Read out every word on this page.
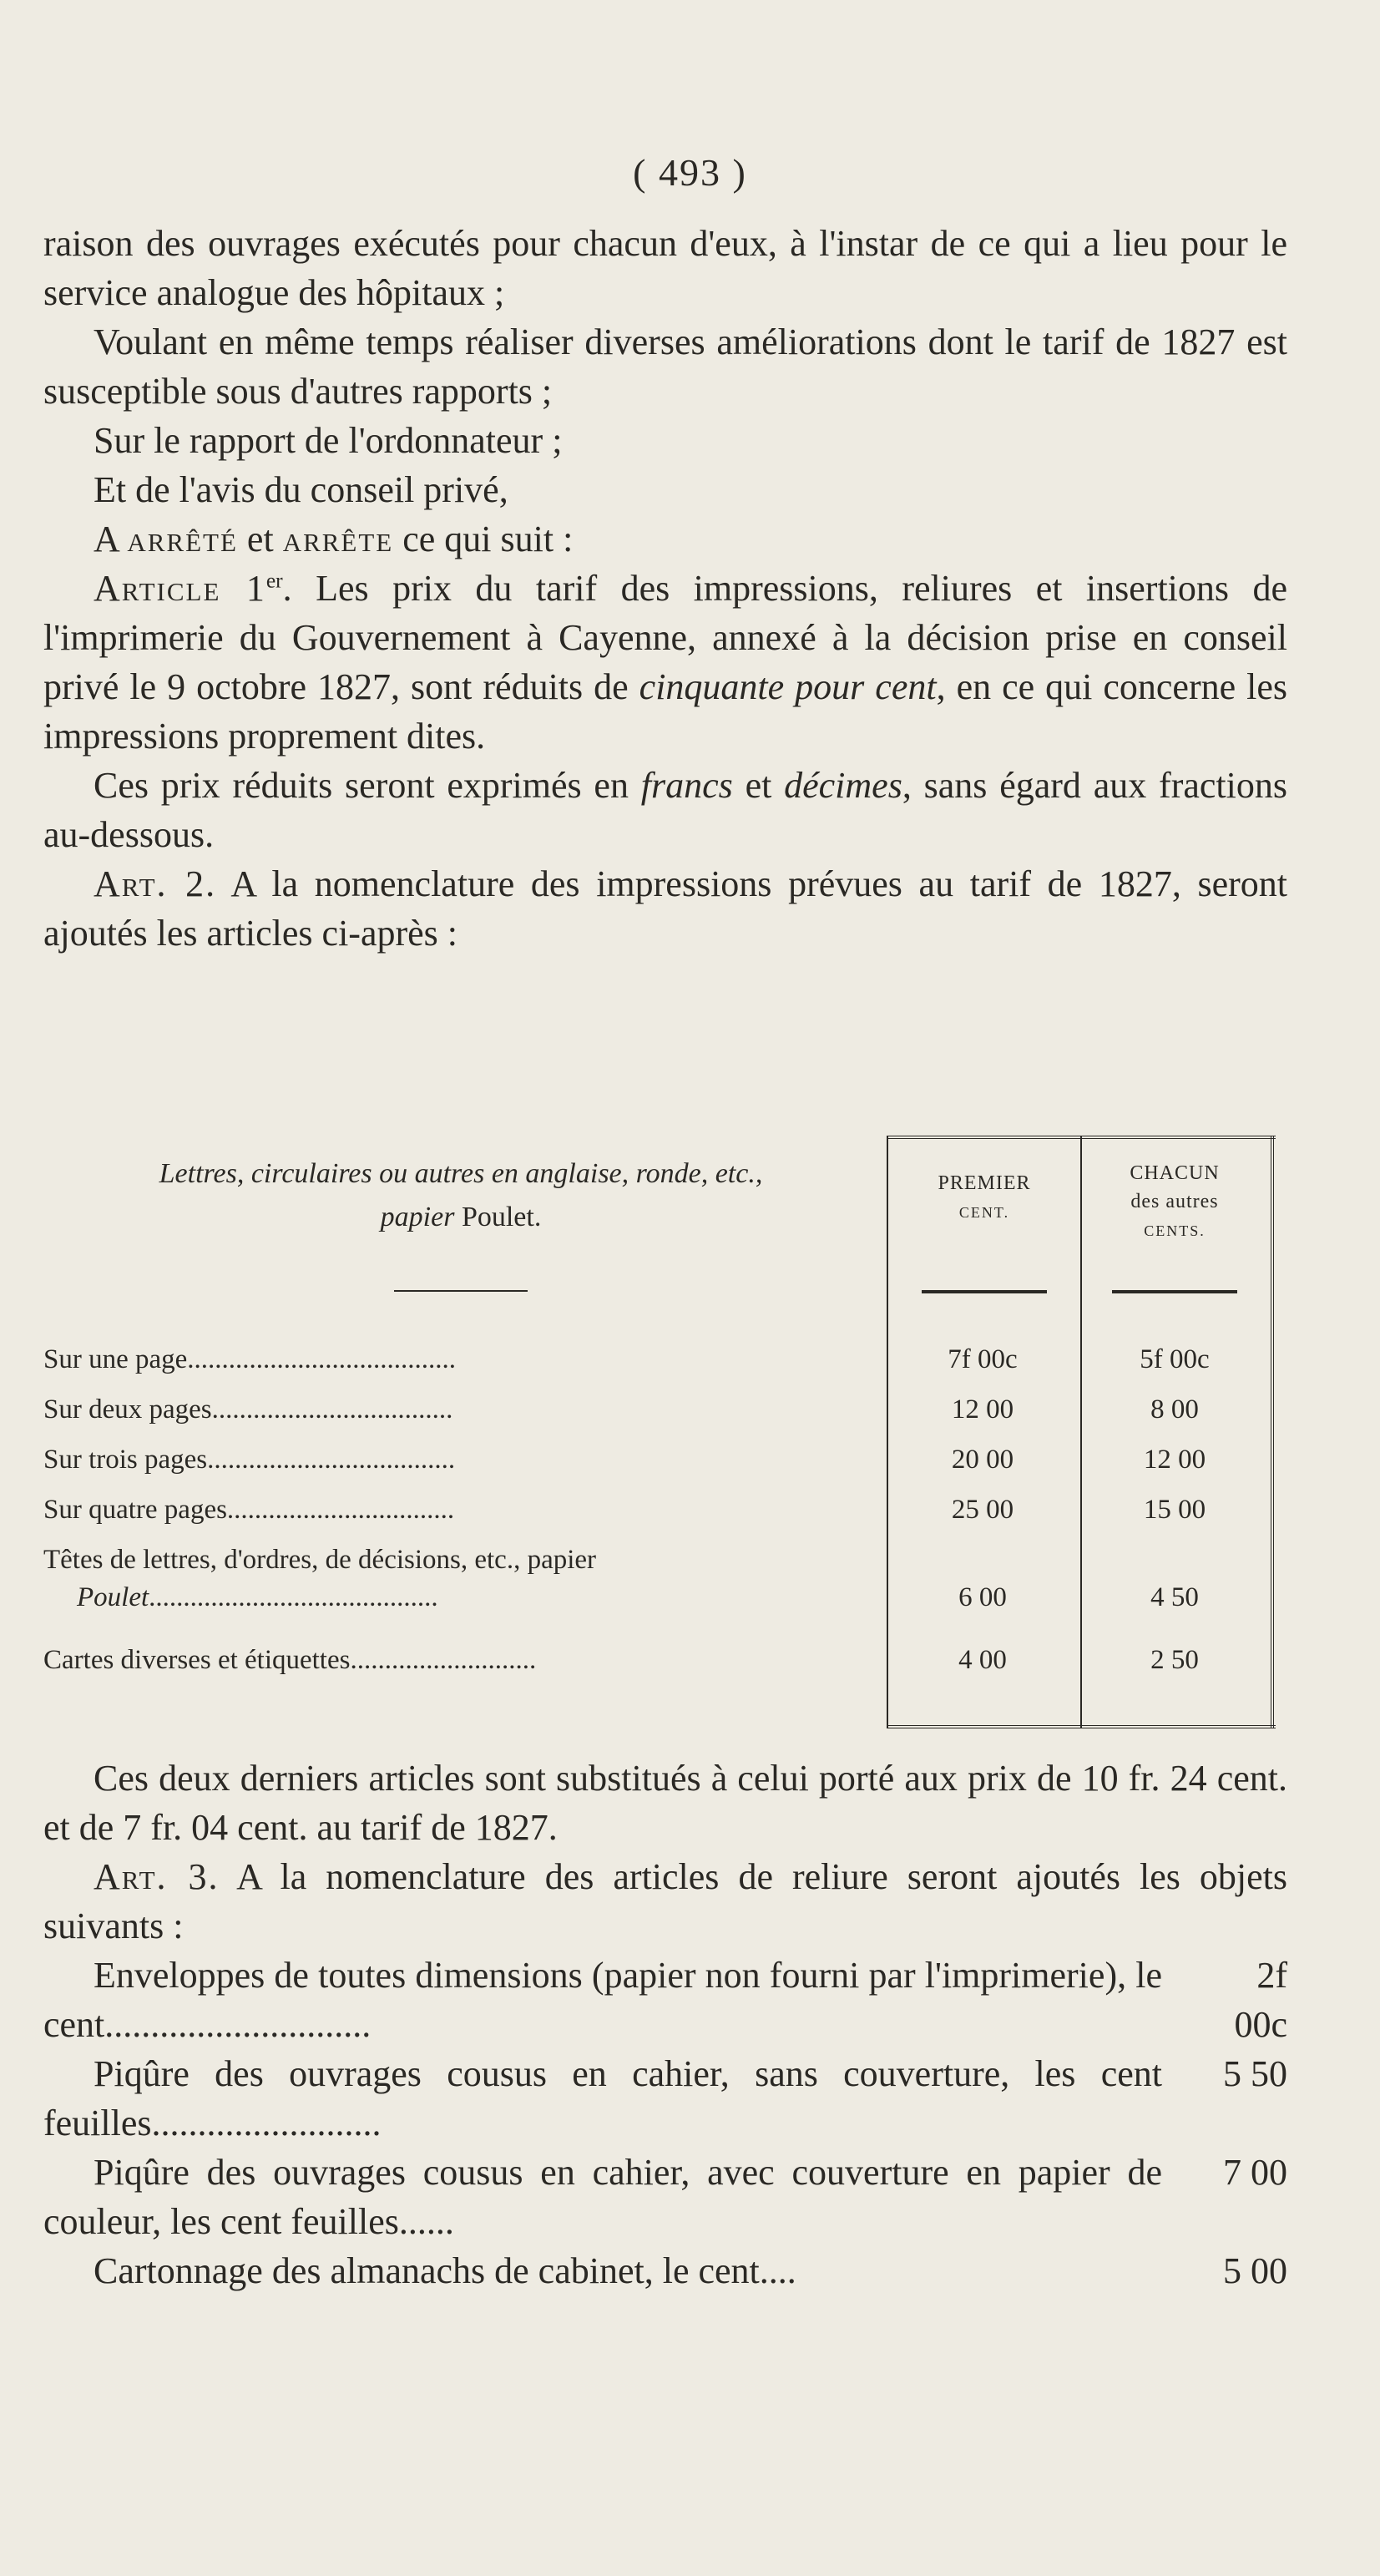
( 493 )

raison des ouvrages exécutés pour chacun d'eux, à l'instar de ce qui a lieu pour le service analogue des hôpitaux ;

Voulant en même temps réaliser diverses améliorations dont le tarif de 1827 est susceptible sous d'autres rapports ;

Sur le rapport de l'ordonnateur ;

Et de l'avis du conseil privé,

A arrêté et arrête ce qui suit :

Article 1er. Les prix du tarif des impressions, reliures et insertions de l'imprimerie du Gouvernement à Cayenne, annexé à la décision prise en conseil privé le 9 octobre 1827, sont réduits de cinquante pour cent, en ce qui concerne les impressions proprement dites.

Ces prix réduits seront exprimés en francs et décimes, sans égard aux fractions au-dessous.

Art. 2. A la nomenclature des impressions prévues au tarif de 1827, seront ajoutés les articles ci-après :

Lettres, circulaires ou autres en anglaise, ronde, etc.,
papier Poulet.
PREMIER
CENT.
CHACUN
des autres
CENTS.
Sur une page.......................................	7f 00c	5f 00c
Sur deux pages...................................	12 00	8 00
Sur trois pages....................................	20 00	12 00
Sur quatre pages.................................	25 00	15 00
Têtes de lettres, d'ordres, de décisions, etc., papier Poulet..........................................	6 00	4 50
Cartes diverses et étiquettes...........................	4 00	2 50

Ces deux derniers articles sont substitués à celui porté aux prix de 10 fr. 24 cent. et de 7 fr. 04 cent. au tarif de 1827.

Art. 3. A la nomenclature des articles de reliure seront ajoutés les objets suivants :

Enveloppes de toutes dimensions (papier non fourni par l'imprimerie), le cent.............................
2f 00c

Piqûre des ouvrages cousus en cahier, sans couverture, les cent feuilles.........................
5 50

Piqûre des ouvrages cousus en cahier, avec couverture en papier de couleur, les cent feuilles......
7 00

Cartonnage des almanachs de cabinet, le cent....	5 00
